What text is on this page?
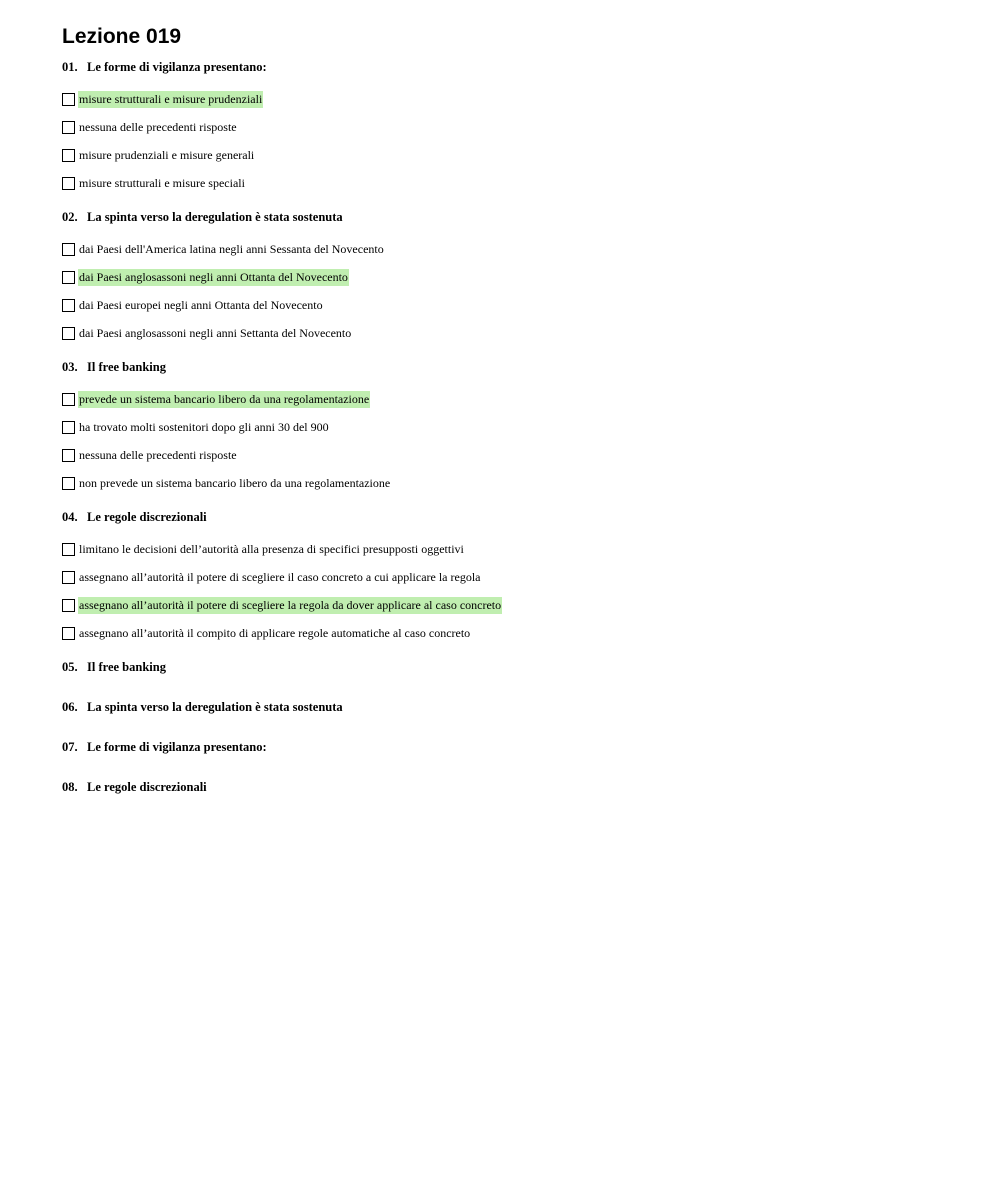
Lezione 019
01. Le forme di vigilanza presentano:
misure strutturali e misure prudenziali
nessuna delle precedenti risposte
misure prudenziali e misure generali
misure strutturali e misure speciali
02. La spinta verso la deregulation è stata sostenuta
dai Paesi dell'America latina negli anni Sessanta del Novecento
dai Paesi anglosassoni negli anni Ottanta del Novecento
dai Paesi europei negli anni Ottanta del Novecento
dai Paesi anglosassoni negli anni Settanta del Novecento
03. Il free banking
prevede un sistema bancario libero da una regolamentazione
ha trovato molti sostenitori dopo gli anni 30 del 900
nessuna delle precedenti risposte
non prevede un sistema bancario libero da una regolamentazione
04. Le regole discrezionali
limitano le decisioni dell’autorità alla presenza di specifici presupposti oggettivi
assegnano all’autorità il potere di scegliere il caso concreto a cui applicare la regola
assegnano all’autorità il potere di scegliere la regola da dover applicare al caso concreto
assegnano all’autorità il compito di applicare regole automatiche al caso concreto
05. Il free banking
06. La spinta verso la deregulation è stata sostenuta
07. Le forme di vigilanza presentano:
08. Le regole discrezionali
